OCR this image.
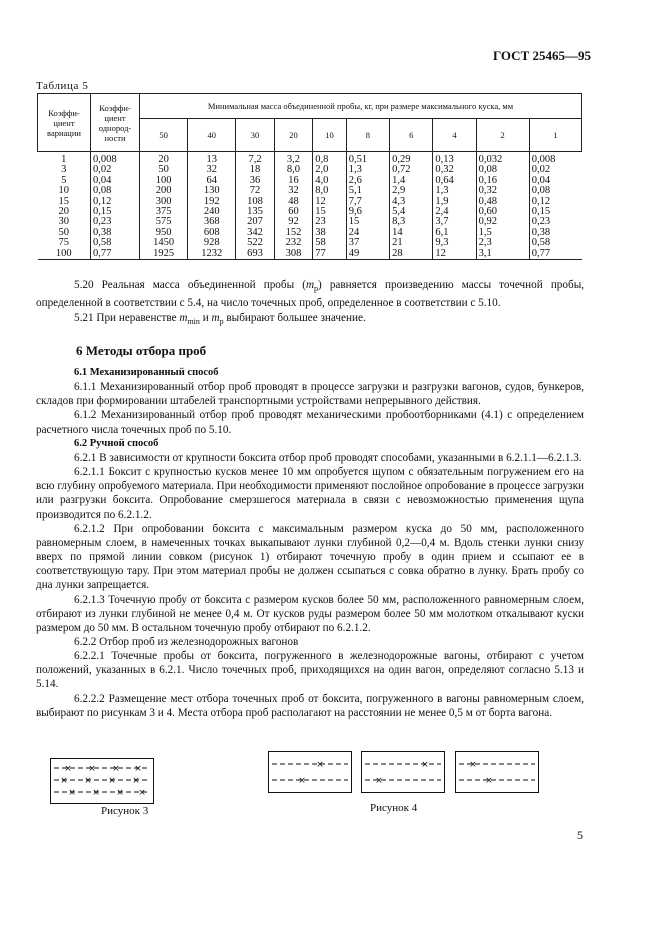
ГОСТ 25465—95
Таблица 5
Коэффи-
циент
вариации	Коэффи-
циент
однород-
ности	Минимальная масса объединенной пробы, кг, при размере максимального куска, мм									
		50	40	30	20	10	8	6	4	2	1
1	0,008	20	13	7,2	3,2	0,8	0,51	0,29	0,13	0,032	0,008
3	0,02	50	32	18	8,0	2,0	1,3	0,72	0,32	0,08	0,02
5	0,04	100	64	36	16	4,0	2,6	1,4	0,64	0,16	0,04
10	0,08	200	130	72	32	8,0	5,1	2,9	1,3	0,32	0,08
15	0,12	300	192	108	48	12	7,7	4,3	1,9	0,48	0,12
20	0,15	375	240	135	60	15	9,6	5,4	2,4	0,60	0,15
30	0,23	575	368	207	92	23	15	8,3	3,7	0,92	0,23
50	0,38	950	608	342	152	38	24	14	6,1	1,5	0,38
75	0,58	1450	928	522	232	58	37	21	9,3	2,3	0,58
100	0,77	1925	1232	693	308	77	49	28	12	3,1	0,77

5.20 Реальная масса объединенной пробы $(m_р)$ равняется произведению массы точечной пробы, определенной в соответствии с 5.4, на число точечных проб, определенное в соответствии с 5.10.

5.21 При неравенстве $m_{min}$ и $m_р$ выбирают большее значение.

6 Методы отбора проб

6.1 Механизированный способ

6.1.1 Механизированный отбор проб проводят в процессе загрузки и разгрузки вагонов, судов, бункеров, складов при формировании штабелей транспортными устройствами непрерывного действия.

6.1.2 Механизированный отбор проб проводят механическими пробоотборниками (4.1) с определением расчетного числа точечных проб по 5.10.

6.2 Ручной способ

6.2.1 В зависимости от крупности боксита отбор проб проводят способами, указанными в 6.2.1.1—6.2.1.3.

6.2.1.1 Боксит с крупностью кусков менее 10 мм опробуется щупом с обязательным погружением его на всю глубину опробуемого материала. При необходимости применяют послойное опробование в процессе загрузки или разгрузки боксита. Опробование смерзшегося материала в связи с невозможностью применения щупа производится по 6.2.1.2.

6.2.1.2 При опробовании боксита с максимальным размером куска до 50 мм, расположенного равномерным слоем, в намеченных точках выкапывают лунки глубиной 0,2—0,4 м. Вдоль стенки лунки снизу вверх по прямой линии совком (рисунок 1) отбирают точечную пробу в один прием и ссыпают ее в соответствующую тару. При этом материал пробы не должен ссыпаться с совка обратно в лунку. Брать пробу со дна лунки запрещается.

6.2.1.3 Точечную пробу от боксита с размером кусков более 50 мм, расположенного равномерным слоем, отбирают из лунки глубиной не менее 0,4 м. От кусков руды размером более 50 мм молотком откалывают куски размером до 50 мм. В остальном точечную пробу отбирают по 6.2.1.2.

6.2.2 Отбор проб из железнодорожных вагонов

6.2.2.1 Точечные пробы от боксита, погруженного в железнодорожные вагоны, отбирают с учетом положений, указанных в 6.2.1. Число точечных проб, приходящихся на один вагон, определяют согласно 5.13 и 5.14.

6.2.2.2 Размещение мест отбора точечных проб от боксита, погруженного в вагоны равномерным слоем, выбирают по рисункам 3 и 4. Места отбора проб располагают на расстоянии не менее 0,5 м от борта вагона.

× × × ×
× × × ×
× × × ×
Рисунок 3
×
×
×
×
×
×
Рисунок 4
5
